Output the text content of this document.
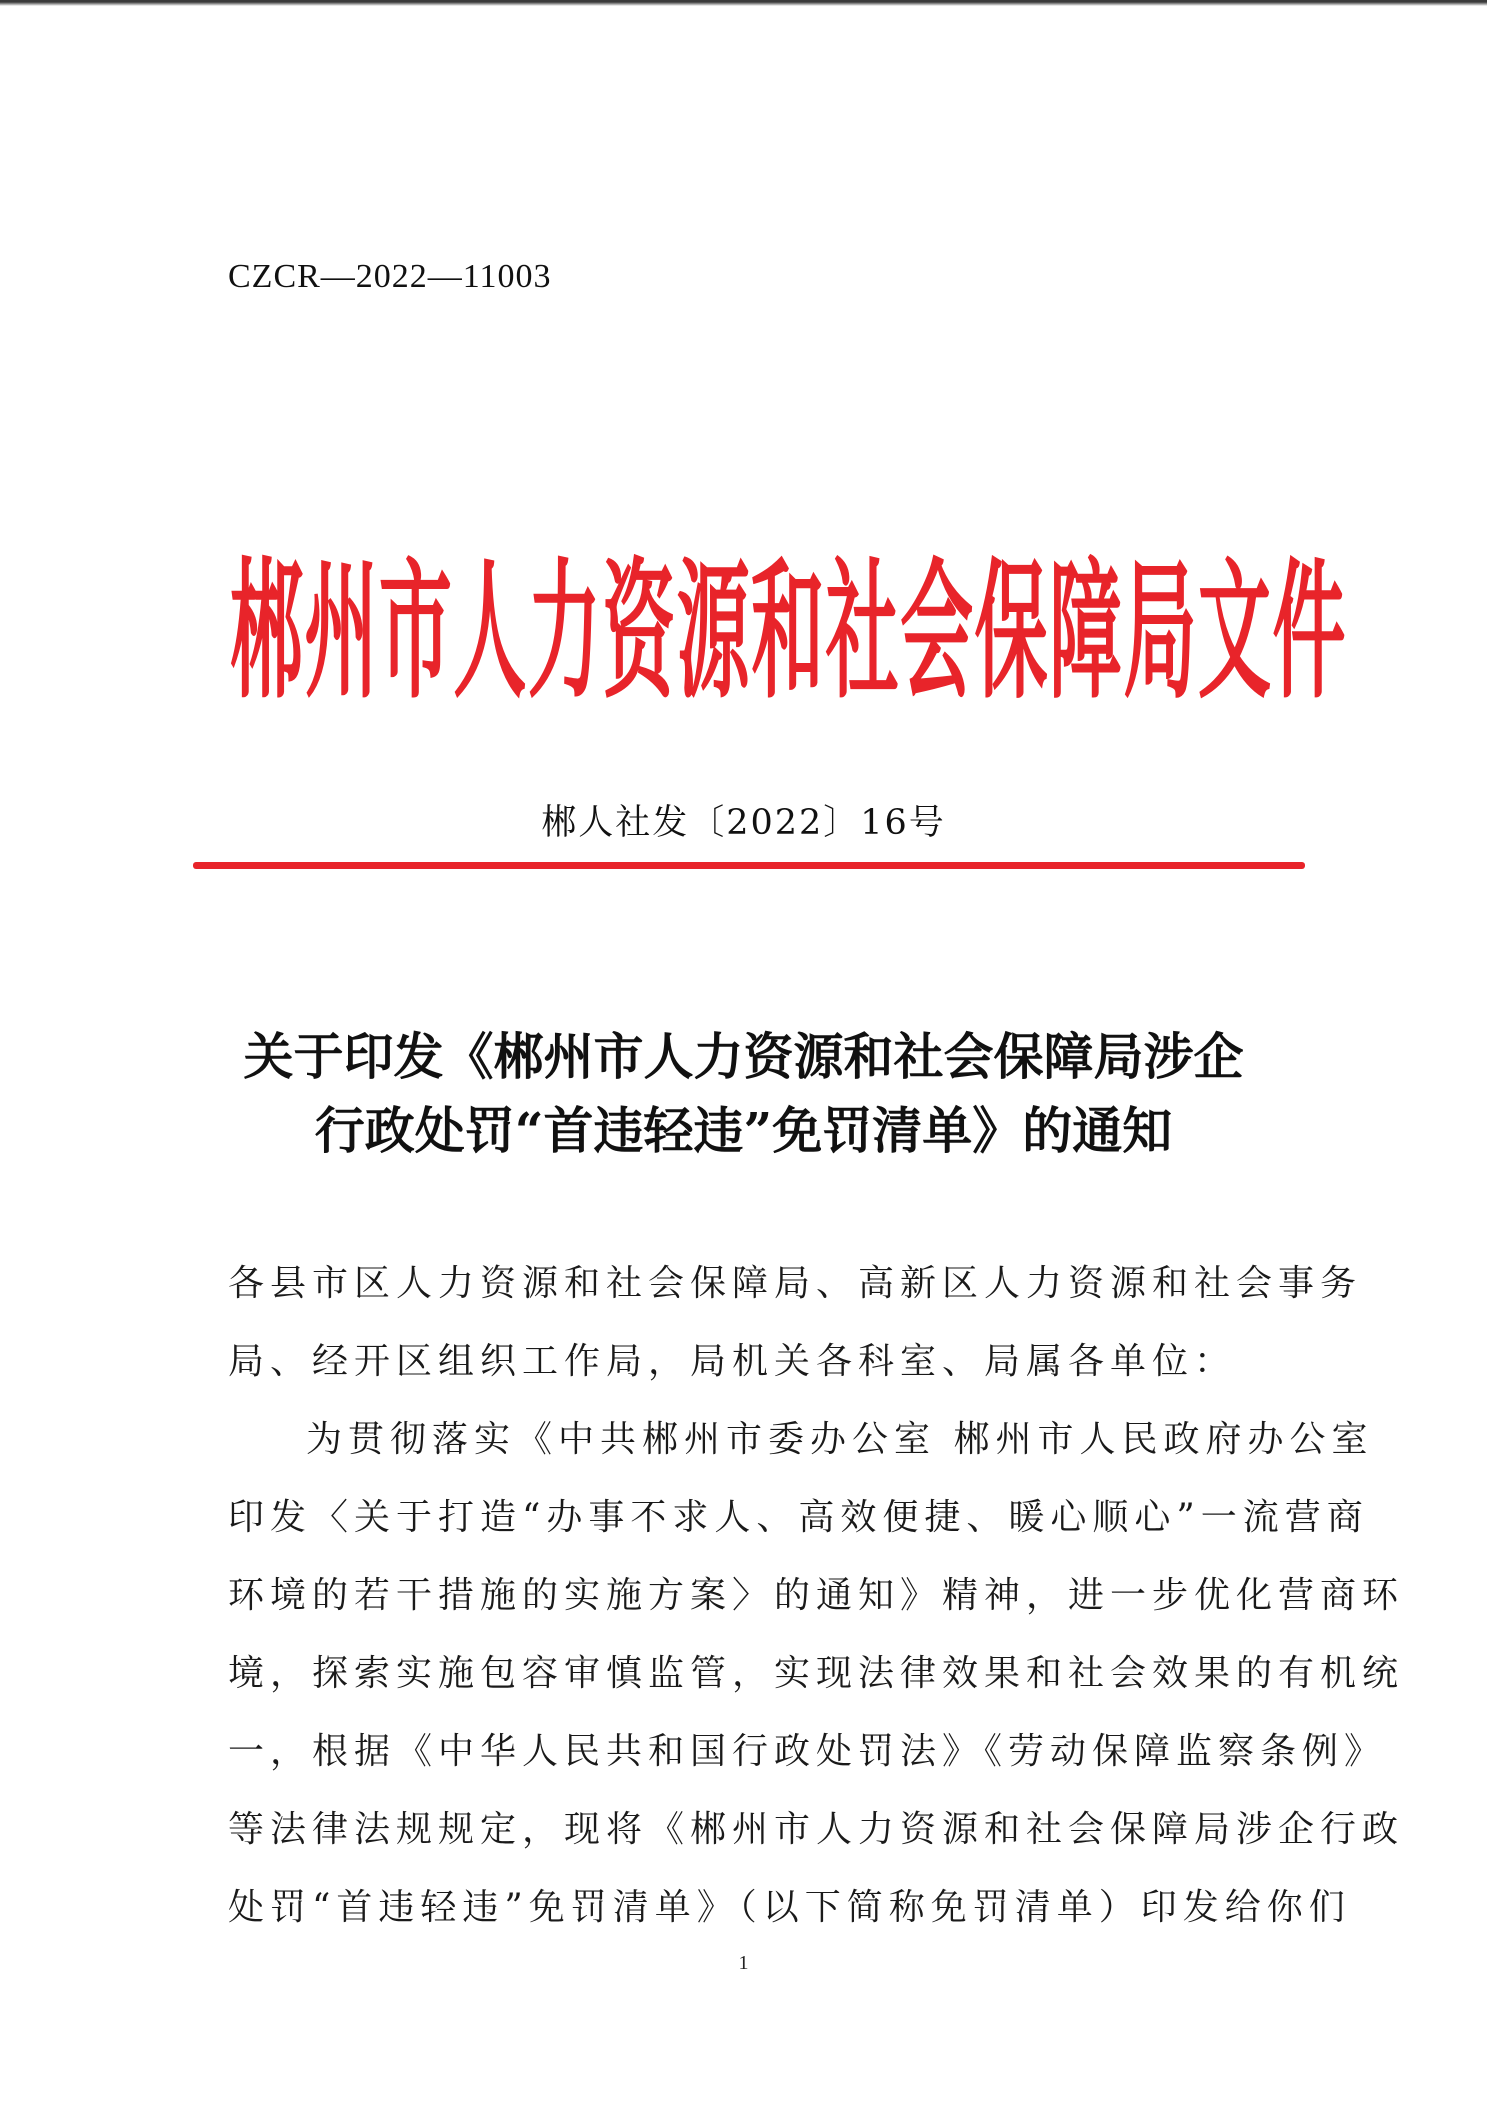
CZCR—2022—11003
郴州市人力资源和社会保障局文件
郴人社发〔2022〕16号
关于印发《郴州市人力资源和社会保障局涉企
行政处罚“首违轻违”免罚清单》的通知
各县市区人力资源和社会保障局、高新区人力资源和社会事务
局、经开区组织工作局，局机关各科室、局属各单位：
为贯彻落实《中共郴州市委办公室 郴州市人民政府办公室
印发〈关于打造“办事不求人、高效便捷、暖心顺心”一流营商
环境的若干措施的实施方案〉的通知》精神，进一步优化营商环
境，探索实施包容审慎监管，实现法律效果和社会效果的有机统
一，根据《中华人民共和国行政处罚法》《劳动保障监察条例》
等法律法规规定，现将《郴州市人力资源和社会保障局涉企行政
处罚“首违轻违”免罚清单》（以下简称免罚清单）印发给你们
1
